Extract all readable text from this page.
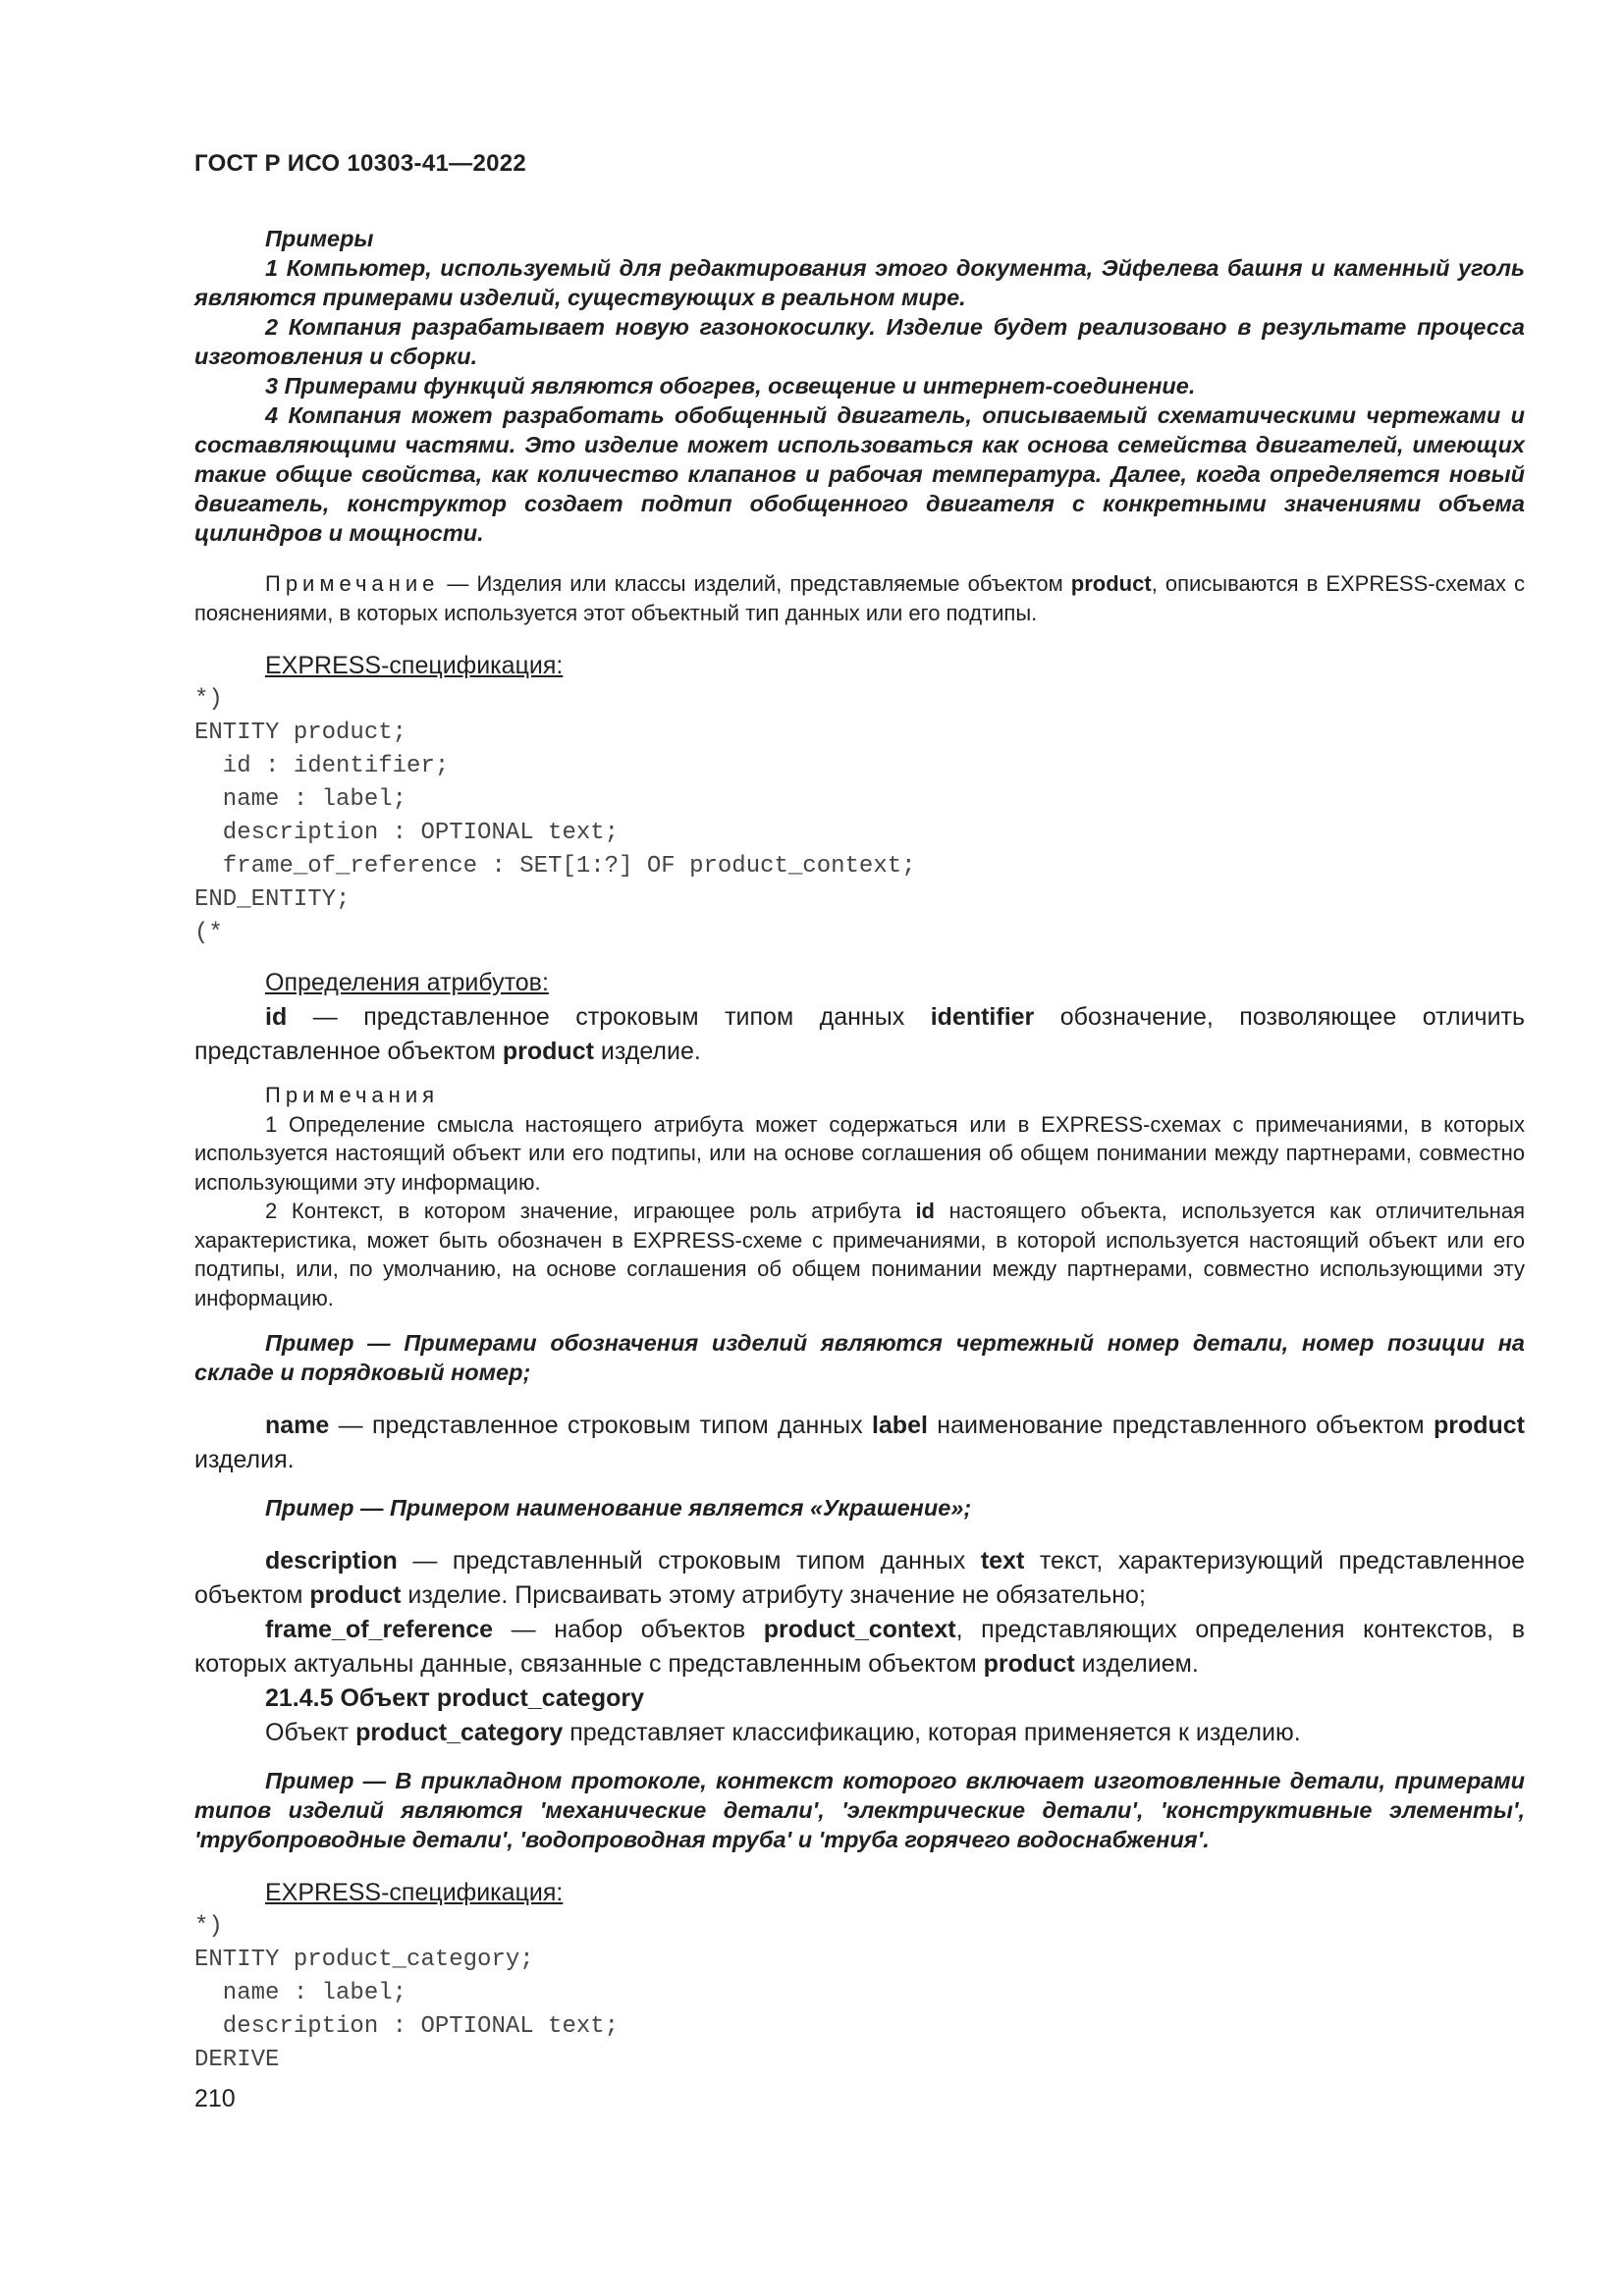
ГОСТ Р ИСО 10303-41—2022

Примеры

1 Компьютер, используемый для редактирования этого документа, Эйфелева башня и каменный уголь являются примерами изделий, существующих в реальном мире.

2 Компания разрабатывает новую газонокосилку. Изделие будет реализовано в результате процесса изготовления и сборки.

3 Примерами функций являются обогрев, освещение и интернет-соединение.

4 Компания может разработать обобщенный двигатель, описываемый схематическими чертежами и составляющими частями. Это изделие может использоваться как основа семейства двигателей, имеющих такие общие свойства, как количество клапанов и рабочая температура. Далее, когда определяется новый двигатель, конструктор создает подтип обобщенного двигателя с конкретными значениями объема цилиндров и мощности.

Примечание — Изделия или классы изделий, представляемые объектом product, описываются в EXPRESS-схемах с пояснениями, в которых используется этот объектный тип данных или его подтипы.

EXPRESS-спецификация:

*)
ENTITY product;
id : identifier;
name : label;
description : OPTIONAL text;
frame_of_reference : SET[1:?] OF product_context;
END_ENTITY;
(*

Определения атрибутов:

id — представленное строковым типом данных identifier обозначение, позволяющее отличить представленное объектом product изделие.

Примечания

1 Определение смысла настоящего атрибута может содержаться или в EXPRESS-схемах с примечаниями, в которых используется настоящий объект или его подтипы, или на основе соглашения об общем понимании между партнерами, совместно использующими эту информацию.

2 Контекст, в котором значение, играющее роль атрибута id настоящего объекта, используется как отличительная характеристика, может быть обозначен в EXPRESS-схеме с примечаниями, в которой используется настоящий объект или его подтипы, или, по умолчанию, на основе соглашения об общем понимании между партнерами, совместно использующими эту информацию.

Пример — Примерами обозначения изделий являются чертежный номер детали, номер позиции на складе и порядковый номер;

name — представленное строковым типом данных label наименование представленного объектом product изделия.

Пример — Примером наименование является «Украшение»;

description — представленный строковым типом данных text текст, характеризующий представленное объектом product изделие. Присваивать этому атрибуту значение не обязательно;

frame_of_reference — набор объектов product_context, представляющих определения контекстов, в которых актуальны данные, связанные с представленным объектом product изделием.

21.4.5 Объект product_category

Объект product_category представляет классификацию, которая применяется к изделию.

Пример — В прикладном протоколе, контекст которого включает изготовленные детали, примерами типов изделий являются 'механические детали', 'электрические детали', 'конструктивные элементы', 'трубопроводные детали', 'водопроводная труба' и 'труба горячего водоснабжения'.

EXPRESS-спецификация:

*)
ENTITY product_category;
name : label;
description : OPTIONAL text;
DERIVE
210
